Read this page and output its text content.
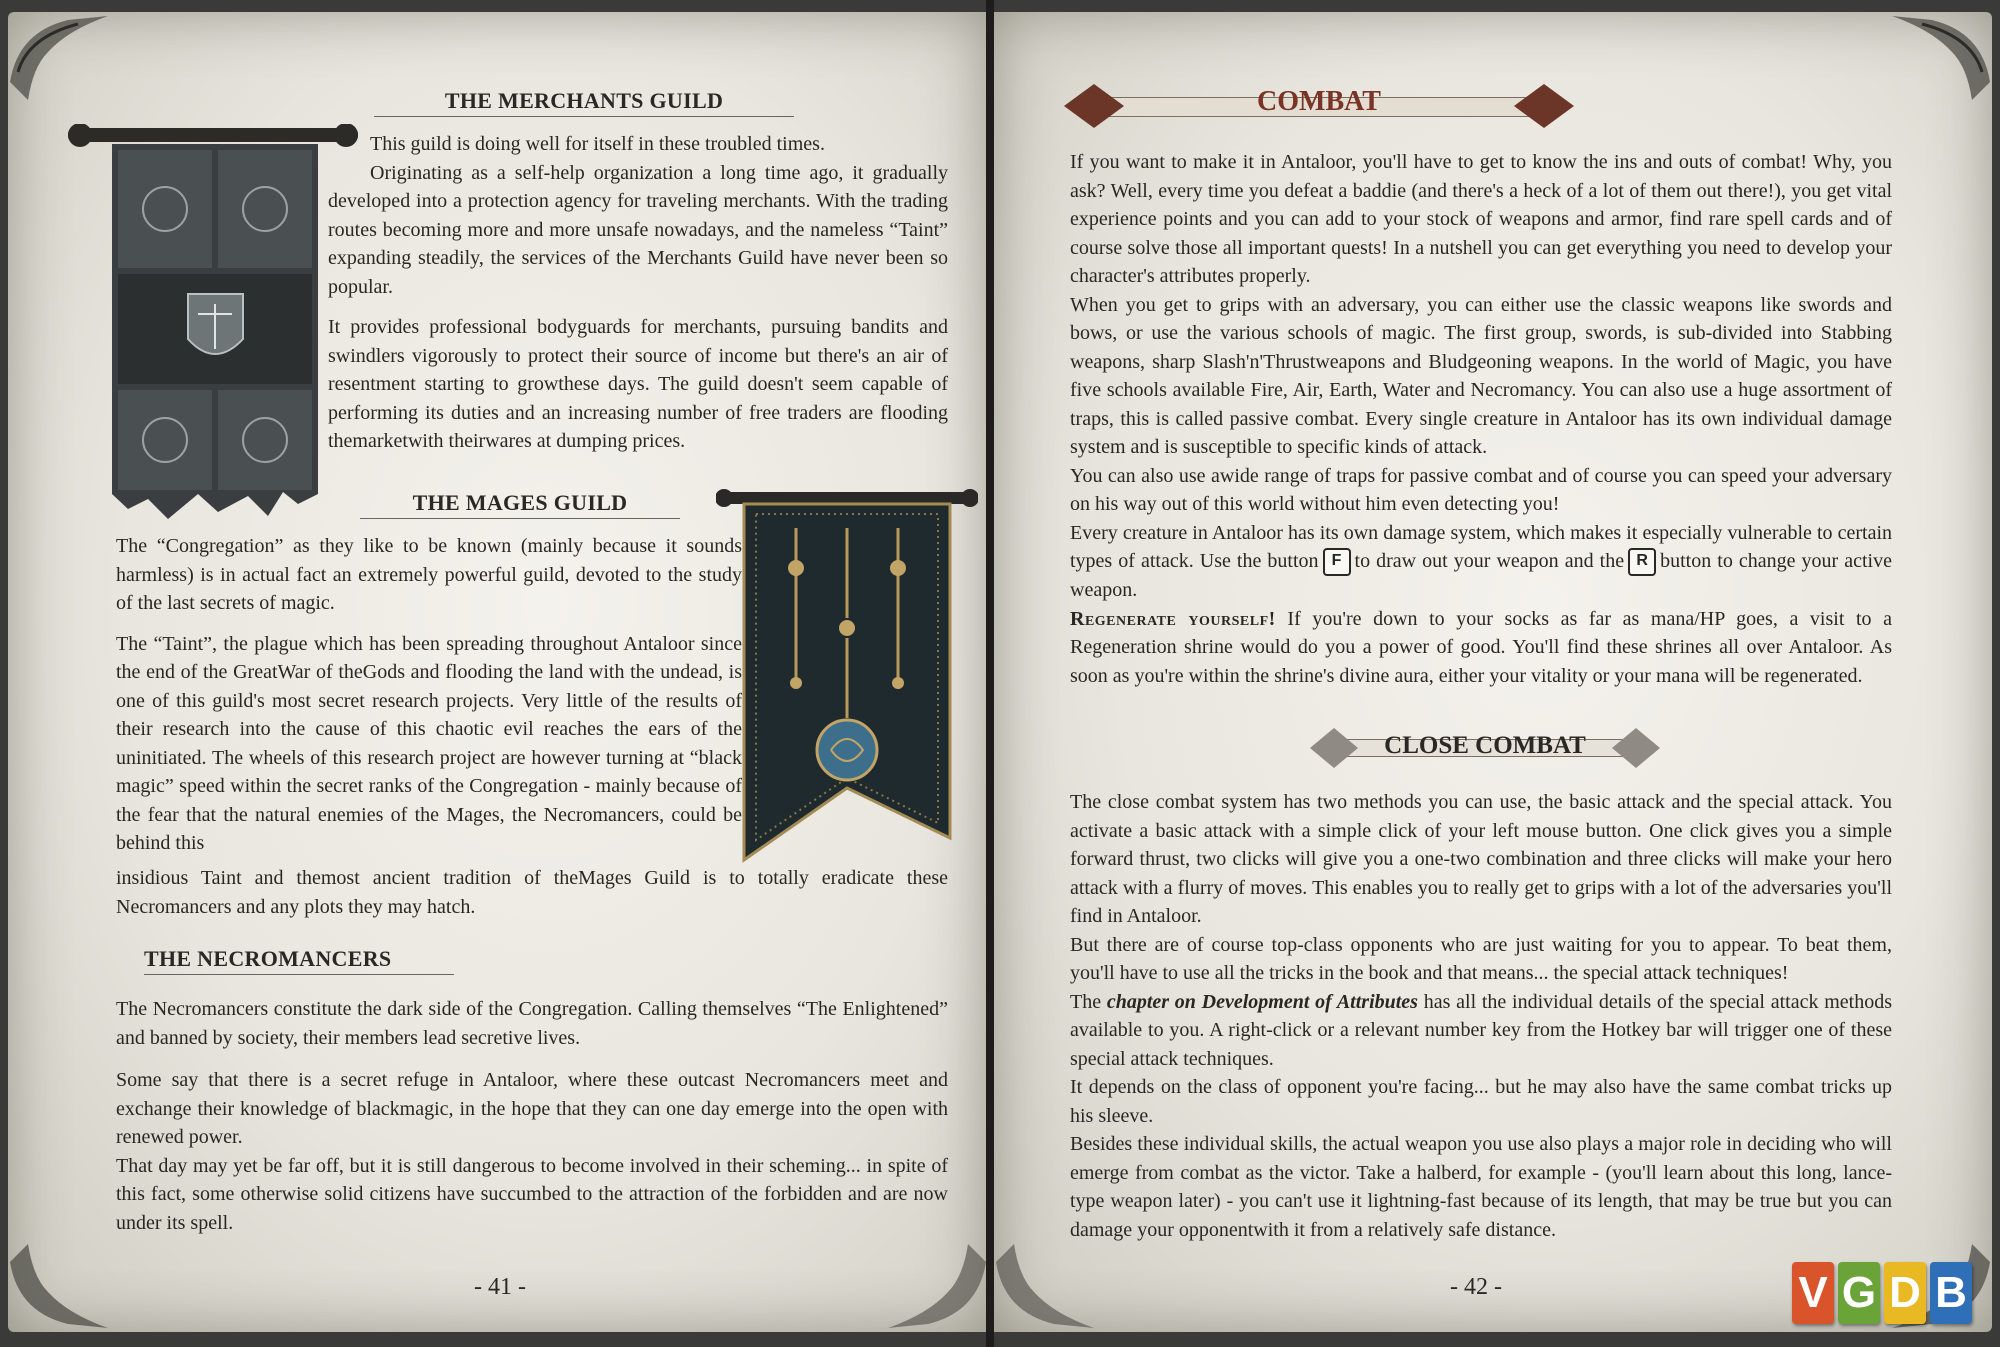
THE MERCHANTS GUILD

This guild is doing well for itself in these troubled times.

Originating as a self-help organization a long time ago, it gradually developed into a protection agency for traveling merchants. With the trading routes becoming more and more unsafe nowadays, and the nameless “Taint” expanding steadily, the services of the Merchants Guild have never been so popular.

It provides professional bodyguards for merchants, pursuing bandits and swindlers vigorously to protect their source of income but there's an air of resentment starting to growthese days. The guild doesn't seem capable of performing its duties and an increasing number of free traders are flooding themarketwith theirwares at dumping prices.

THE MAGES GUILD

The “Congregation” as they like to be known (mainly because it sounds harmless) is in actual fact an extremely powerful guild, devoted to the study of the last secrets of magic.

The “Taint”, the plague which has been spreading throughout Antaloor since the end of the GreatWar of theGods and flooding the land with the undead, is one of this guild's most secret research projects. Very little of the results of their research into the cause of this chaotic evil reaches the ears of the uninitiated. The wheels of this research project are however turning at “black magic” speed within the secret ranks of the Congregation - mainly because of the fear that the natural enemies of the Mages, the Necromancers, could be behind this

insidious Taint and themost ancient tradition of theMages Guild is to totally eradicate these Necromancers and any plots they may hatch.

THE NECROMANCERS

The Necromancers constitute the dark side of the Congregation. Calling themselves “The Enlightened” and banned by society, their members lead secretive lives.

Some say that there is a secret refuge in Antaloor, where these outcast Necromancers meet and exchange their knowledge of blackmagic, in the hope that they can one day emerge into the open with renewed power.

That day may yet be far off, but it is still dangerous to become involved in their scheming... in spite of this fact, some otherwise solid citizens have succumbed to the attraction of the forbidden and are now under its spell.

- 41 -
COMBAT

If you want to make it in Antaloor, you'll have to get to know the ins and outs of combat! Why, you ask? Well, every time you defeat a baddie (and there's a heck of a lot of them out there!), you get vital experience points and you can add to your stock of weapons and armor, find rare spell cards and of course solve those all important quests! In a nutshell you can get everything you need to develop your character's attributes properly.

When you get to grips with an adversary, you can either use the classic weapons like swords and bows, or use the various schools of magic. The first group, swords, is sub-divided into Stabbing weapons, sharp Slash'n'Thrustweapons and Bludgeoning weapons. In the world of Magic, you have five schools available Fire, Air, Earth, Water and Necromancy. You can also use a huge assortment of traps, this is called passive combat. Every single creature in Antaloor has its own individual damage system and is susceptible to specific kinds of attack.

You can also use awide range of traps for passive combat and of course you can speed your adversary on his way out of this world without him even detecting you!

Every creature in Antaloor has its own damage system, which makes it especially vulnerable to certain types of attack. Use the button F to draw out your weapon and the R button to change your active weapon.

Regenerate yourself! If you're down to your socks as far as mana/HP goes, a visit to a Regeneration shrine would do you a power of good. You'll find these shrines all over Antaloor. As soon as you're within the shrine's divine aura, either your vitality or your mana will be regenerated.

CLOSE COMBAT

The close combat system has two methods you can use, the basic attack and the special attack. You activate a basic attack with a simple click of your left mouse button. One click gives you a simple forward thrust, two clicks will give you a one-two combination and three clicks will make your hero attack with a flurry of moves. This enables you to really get to grips with a lot of the adversaries you'll find in Antaloor.

But there are of course top-class opponents who are just waiting for you to appear. To beat them, you'll have to use all the tricks in the book and that means... the special attack techniques!

The chapter on Development of Attributes has all the individual details of the special attack methods available to you. A right-click or a relevant number key from the Hotkey bar will trigger one of these special attack techniques.

It depends on the class of opponent you're facing... but he may also have the same combat tricks up his sleeve.

Besides these individual skills, the actual weapon you use also plays a major role in deciding who will emerge from combat as the victor. Take a halberd, for example - (you'll learn about this long, lance-type weapon later) - you can't use it lightning-fast because of its length, that may be true but you can damage your opponentwith it from a relatively safe distance.

- 42 -	V G D B
